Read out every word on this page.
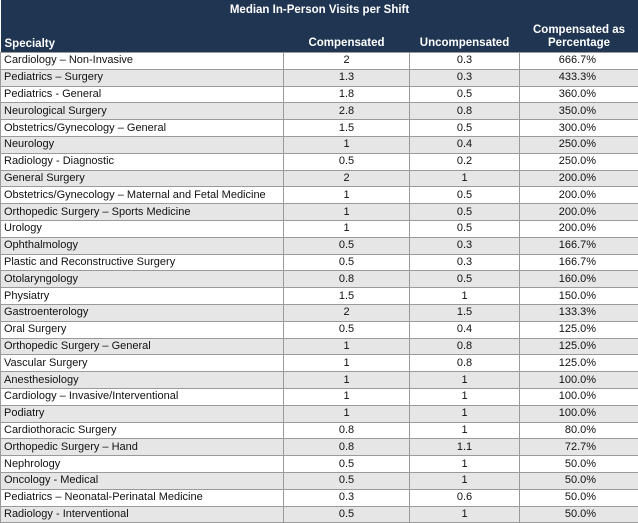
Median In-Person Visits per Shift			
Specialty	Compensated	Uncompensated	Compensated as Percentage
Cardiology – Non-Invasive	2	0.3	666.7%
Pediatrics – Surgery	1.3	0.3	433.3%
Pediatrics - General	1.8	0.5	360.0%
Neurological Surgery	2.8	0.8	350.0%
Obstetrics/Gynecology – General	1.5	0.5	300.0%
Neurology	1	0.4	250.0%
Radiology - Diagnostic	0.5	0.2	250.0%
General Surgery	2	1	200.0%
Obstetrics/Gynecology – Maternal and Fetal Medicine	1	0.5	200.0%
Orthopedic Surgery – Sports Medicine	1	0.5	200.0%
Urology	1	0.5	200.0%
Ophthalmology	0.5	0.3	166.7%
Plastic and Reconstructive Surgery	0.5	0.3	166.7%
Otolaryngology	0.8	0.5	160.0%
Physiatry	1.5	1	150.0%
Gastroenterology	2	1.5	133.3%
Oral Surgery	0.5	0.4	125.0%
Orthopedic Surgery – General	1	0.8	125.0%
Vascular Surgery	1	0.8	125.0%
Anesthesiology	1	1	100.0%
Cardiology – Invasive/Interventional	1	1	100.0%
Podiatry	1	1	100.0%
Cardiothoracic Surgery	0.8	1	80.0%
Orthopedic Surgery – Hand	0.8	1.1	72.7%
Nephrology	0.5	1	50.0%
Oncology - Medical	0.5	1	50.0%
Pediatrics – Neonatal-Perinatal Medicine	0.3	0.6	50.0%
Radiology - Interventional	0.5	1	50.0%
